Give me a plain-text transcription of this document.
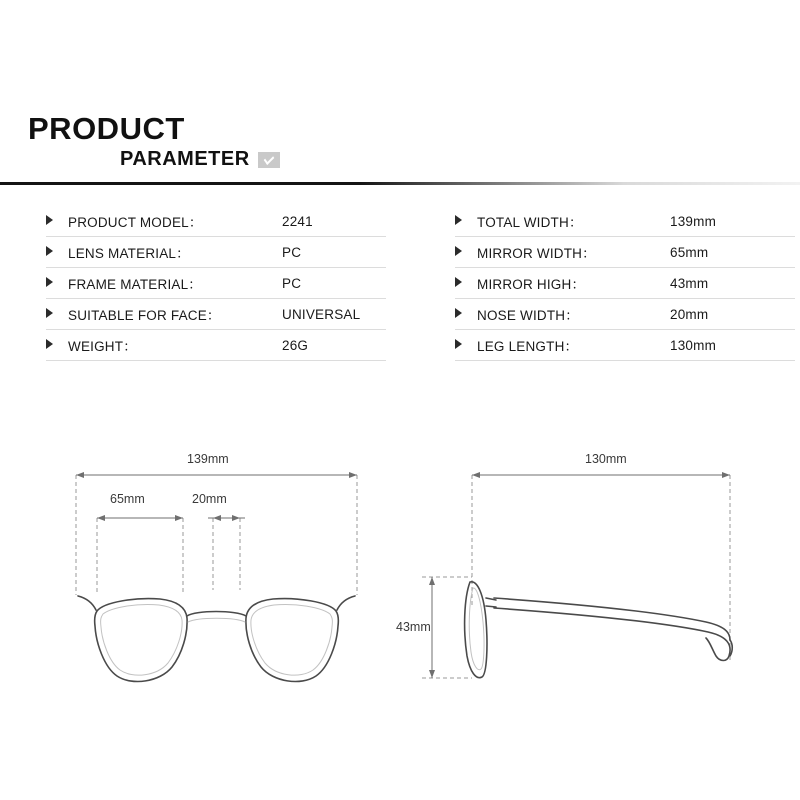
PRODUCT
PARAMETER
PRODUCT MODEL：	2241
LENS MATERIAL：	PC
FRAME MATERIAL：	PC
SUITABLE FOR FACE：	UNIVERSAL
WEIGHT：	26G
TOTAL WIDTH：	139mm
MIRROR WIDTH：	65mm
MIRROR HIGH：	43mm
NOSE WIDTH：	20mm
LEG LENGTH：	130mm
139mm
65mm	20mm
130mm
43mm
